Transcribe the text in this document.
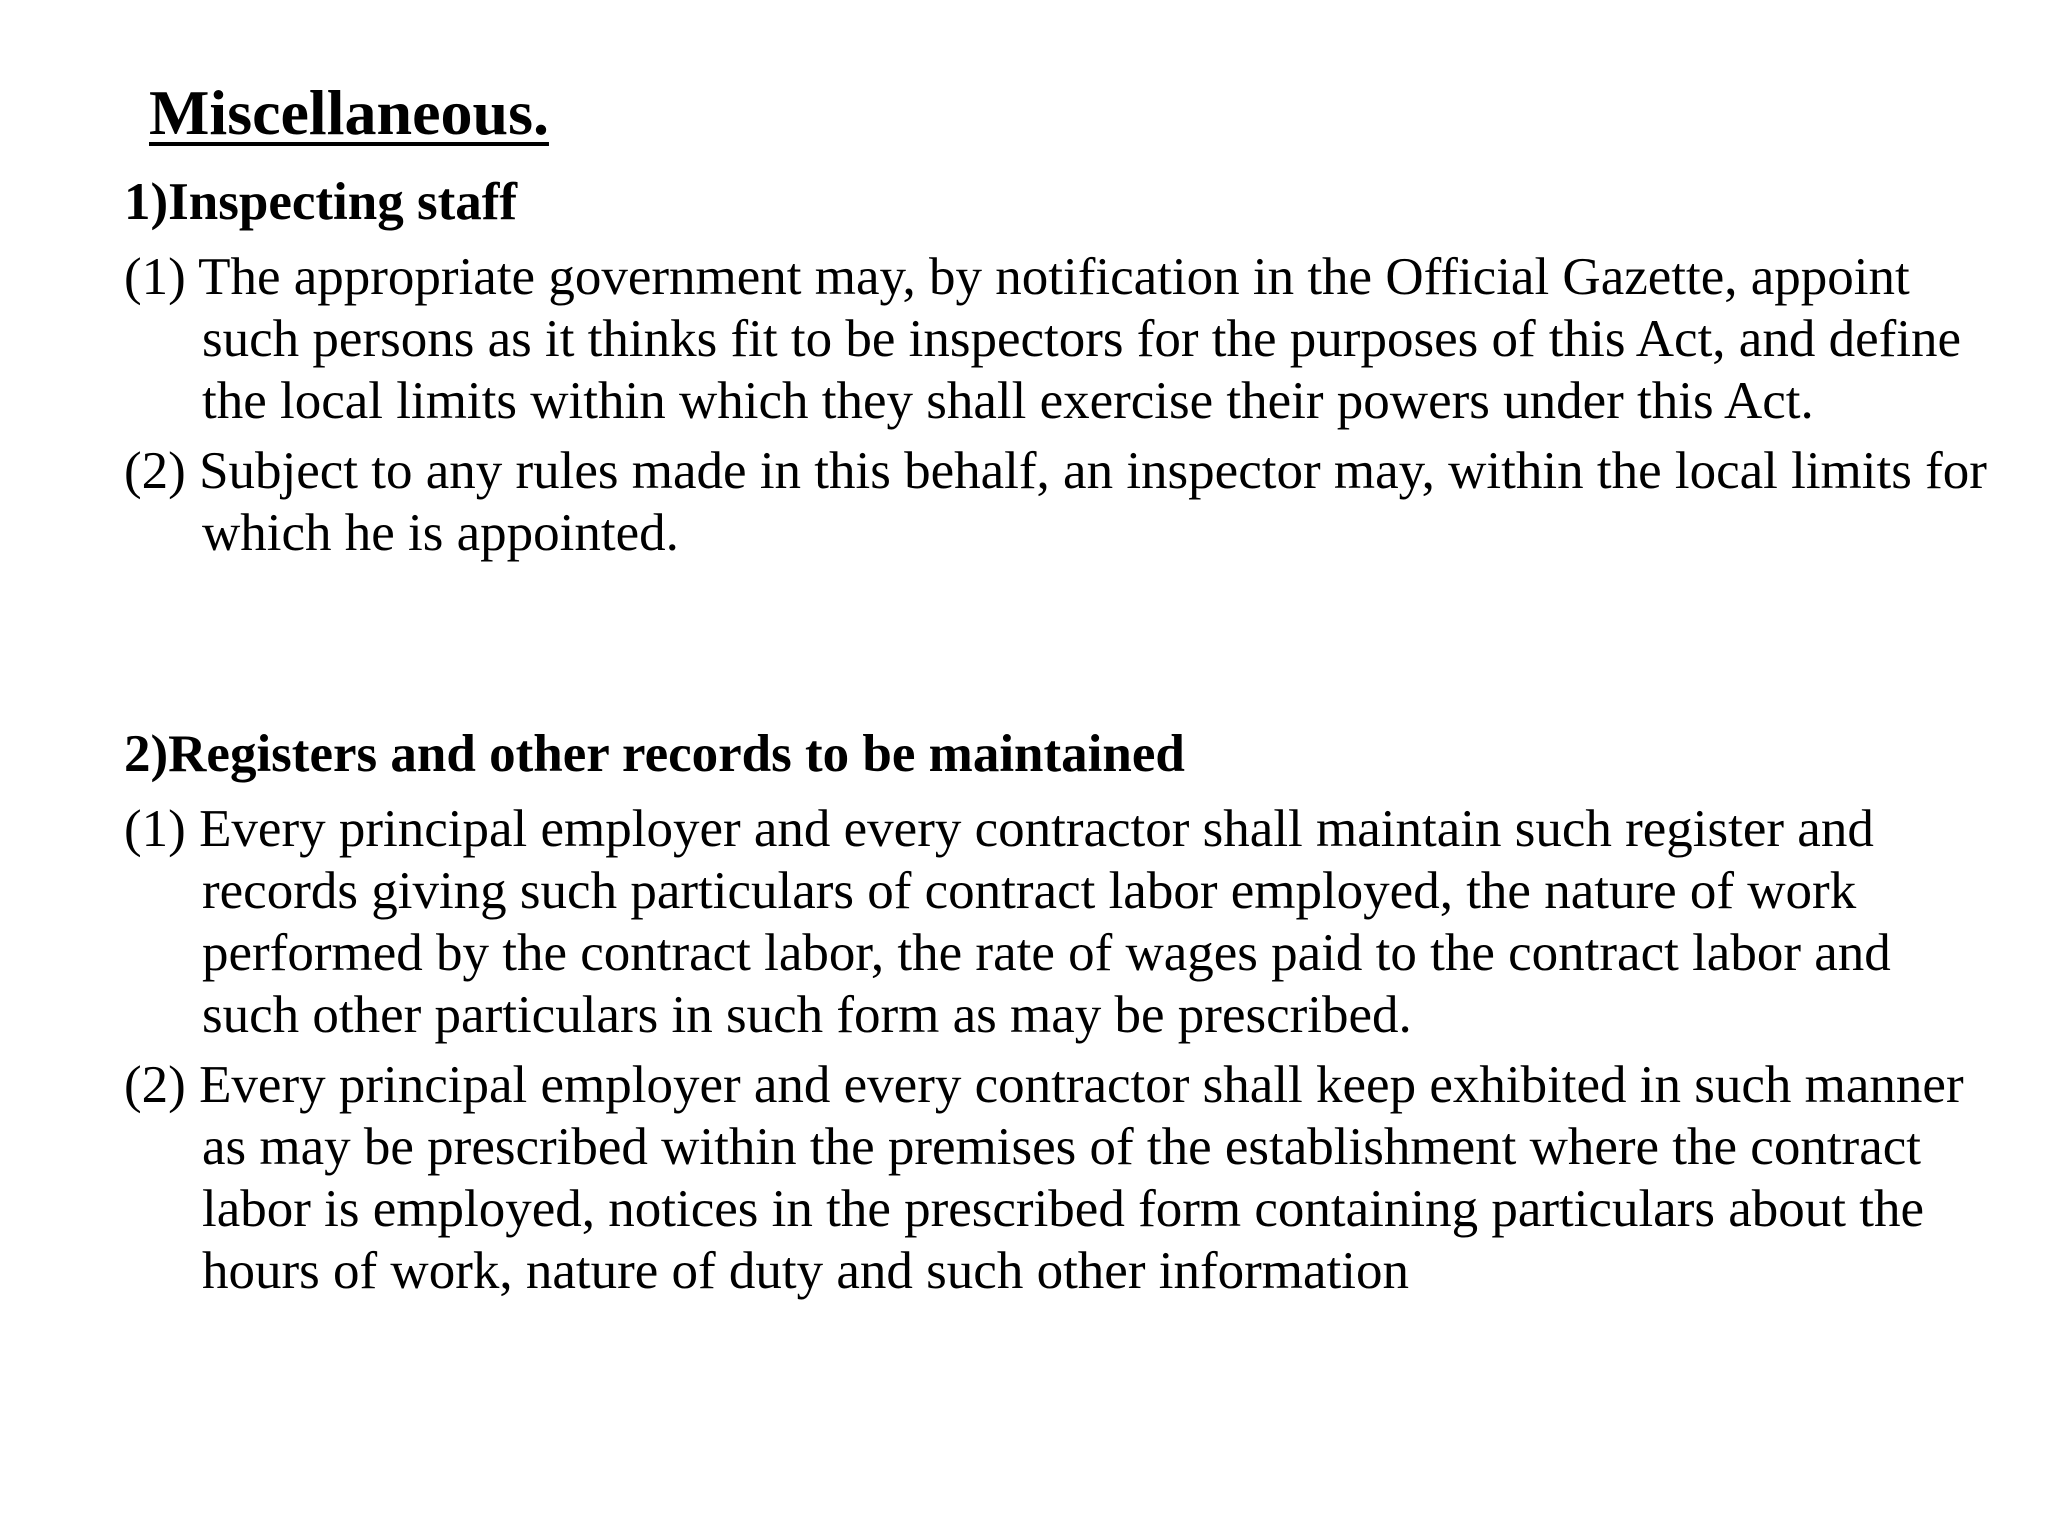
Miscellaneous.

1)Inspecting staff

(1) The appropriate government may, by notification in the Official Gazette, appoint such persons as it thinks fit to be inspectors for the purposes of this Act, and define the local limits within which they shall exercise their powers under this Act.

(2) Subject to any rules made in this behalf, an inspector may, within the local limits for which he is appointed.

2)Registers and other records to be maintained

(1) Every principal employer and every contractor shall maintain such register and records giving such particulars of contract labor employed, the nature of work performed by the contract labor, the rate of wages paid to the contract labor and such other particulars in such form as may be prescribed.

(2) Every principal employer and every contractor shall keep exhibited in such manner as may be prescribed within the premises of the establishment where the contract labor is employed, notices in the prescribed form containing particulars about the hours of work, nature of duty and such other information
